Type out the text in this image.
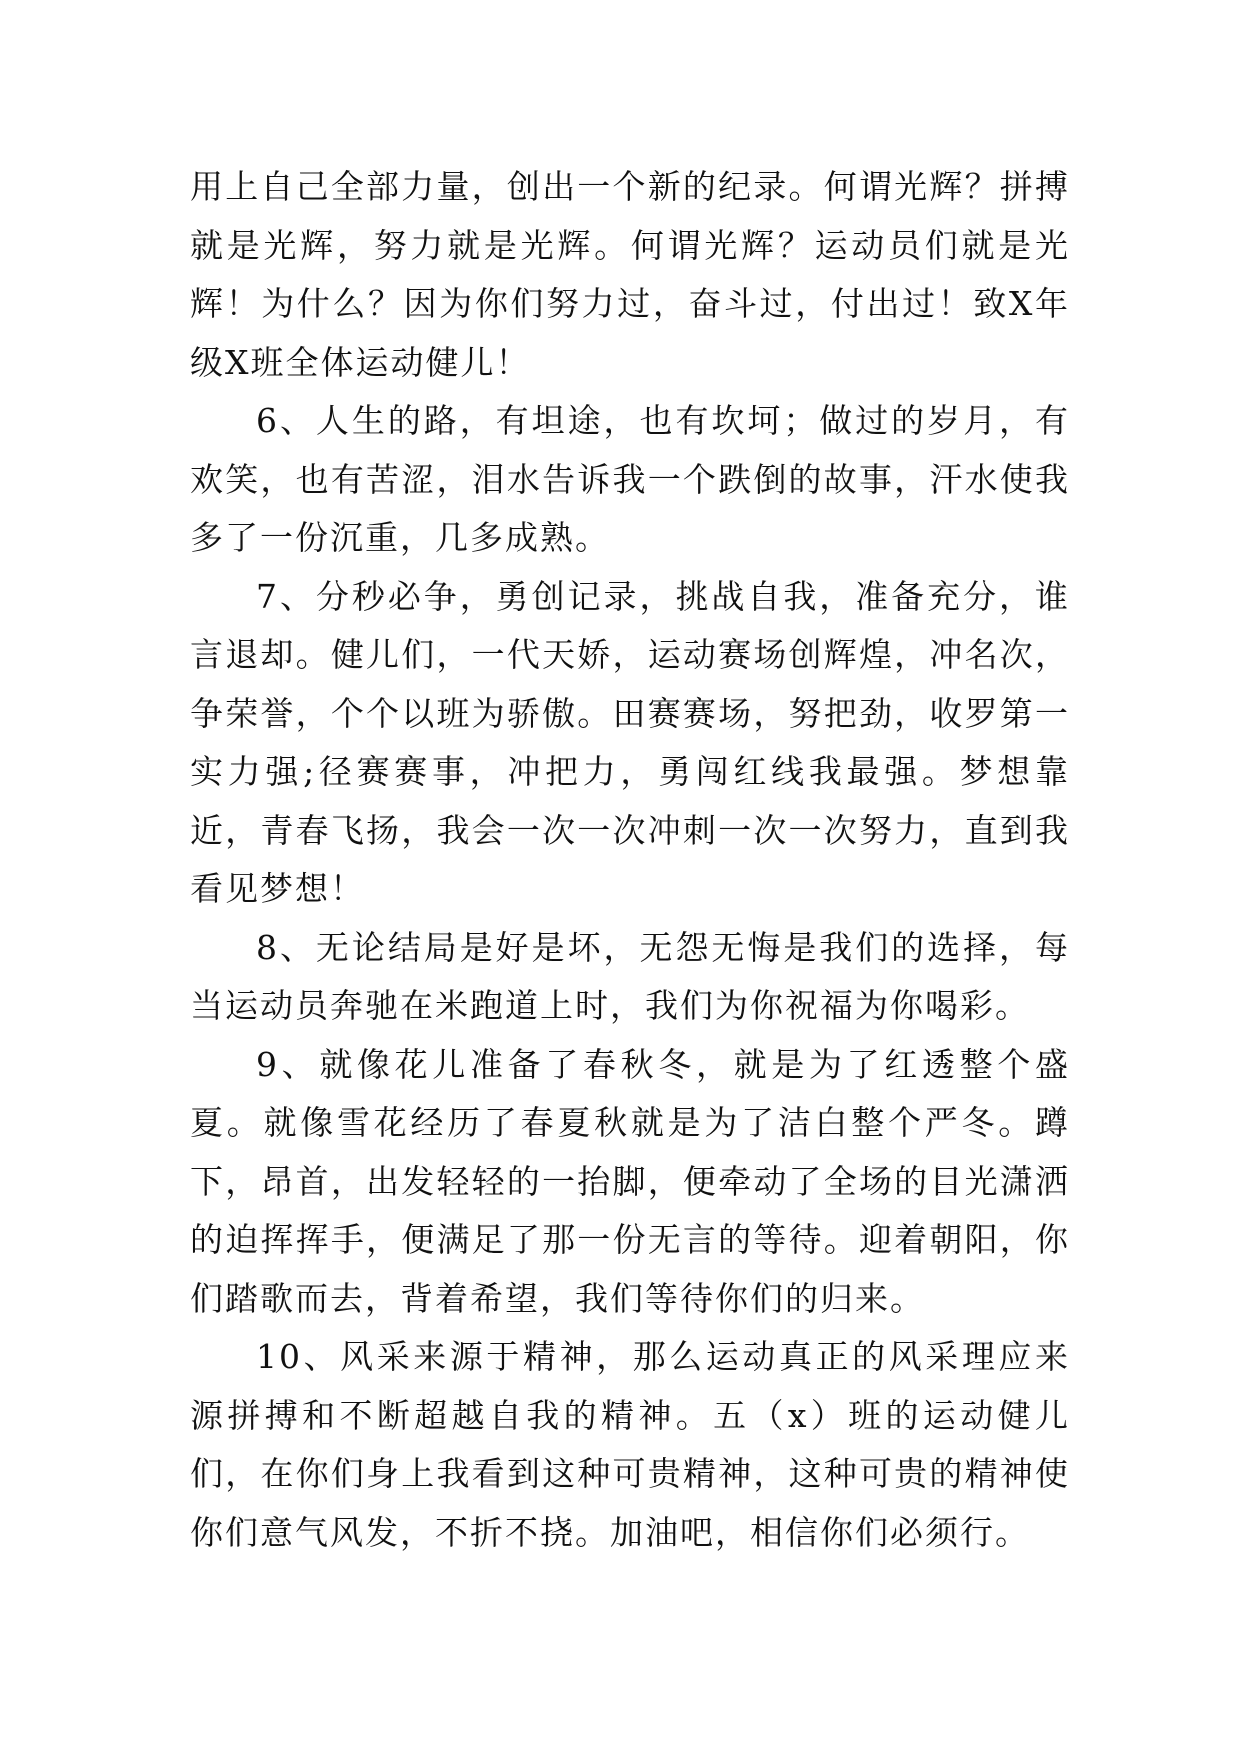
用上自己全部力量，创出一个新的纪录。何谓光辉？拼搏就是光辉，努力就是光辉。何谓光辉？运动员们就是光辉！为什么？因为你们努力过，奋斗过，付出过！致X年级X班全体运动健儿！

6、人生的路，有坦途，也有坎坷；做过的岁月，有欢笑，也有苦涩，泪水告诉我一个跌倒的故事，汗水使我多了一份沉重，几多成熟。

7、分秒必争，勇创记录，挑战自我，准备充分，谁言退却。健儿们，一代天娇，运动赛场创辉煌，冲名次，争荣誉，个个以班为骄傲。田赛赛场，努把劲，收罗第一实力强;径赛赛事，冲把力，勇闯红线我最强。梦想靠近，青春飞扬，我会一次一次冲刺一次一次努力，直到我看见梦想！

8、无论结局是好是坏，无怨无悔是我们的选择，每当运动员奔驰在米跑道上时，我们为你祝福为你喝彩。

9、就像花儿准备了春秋冬，就是为了红透整个盛夏。就像雪花经历了春夏秋就是为了洁白整个严冬。蹲下，昂首，出发轻轻的一抬脚，便牵动了全场的目光潇洒的迫挥挥手，便满足了那一份无言的等待。迎着朝阳，你们踏歌而去，背着希望，我们等待你们的归来。

10、风采来源于精神，那么运动真正的风采理应来源拼搏和不断超越自我的精神。五（x）班的运动健儿们，在你们身上我看到这种可贵精神，这种可贵的精神使你们意气风发，不折不挠。加油吧，相信你们必须行。
